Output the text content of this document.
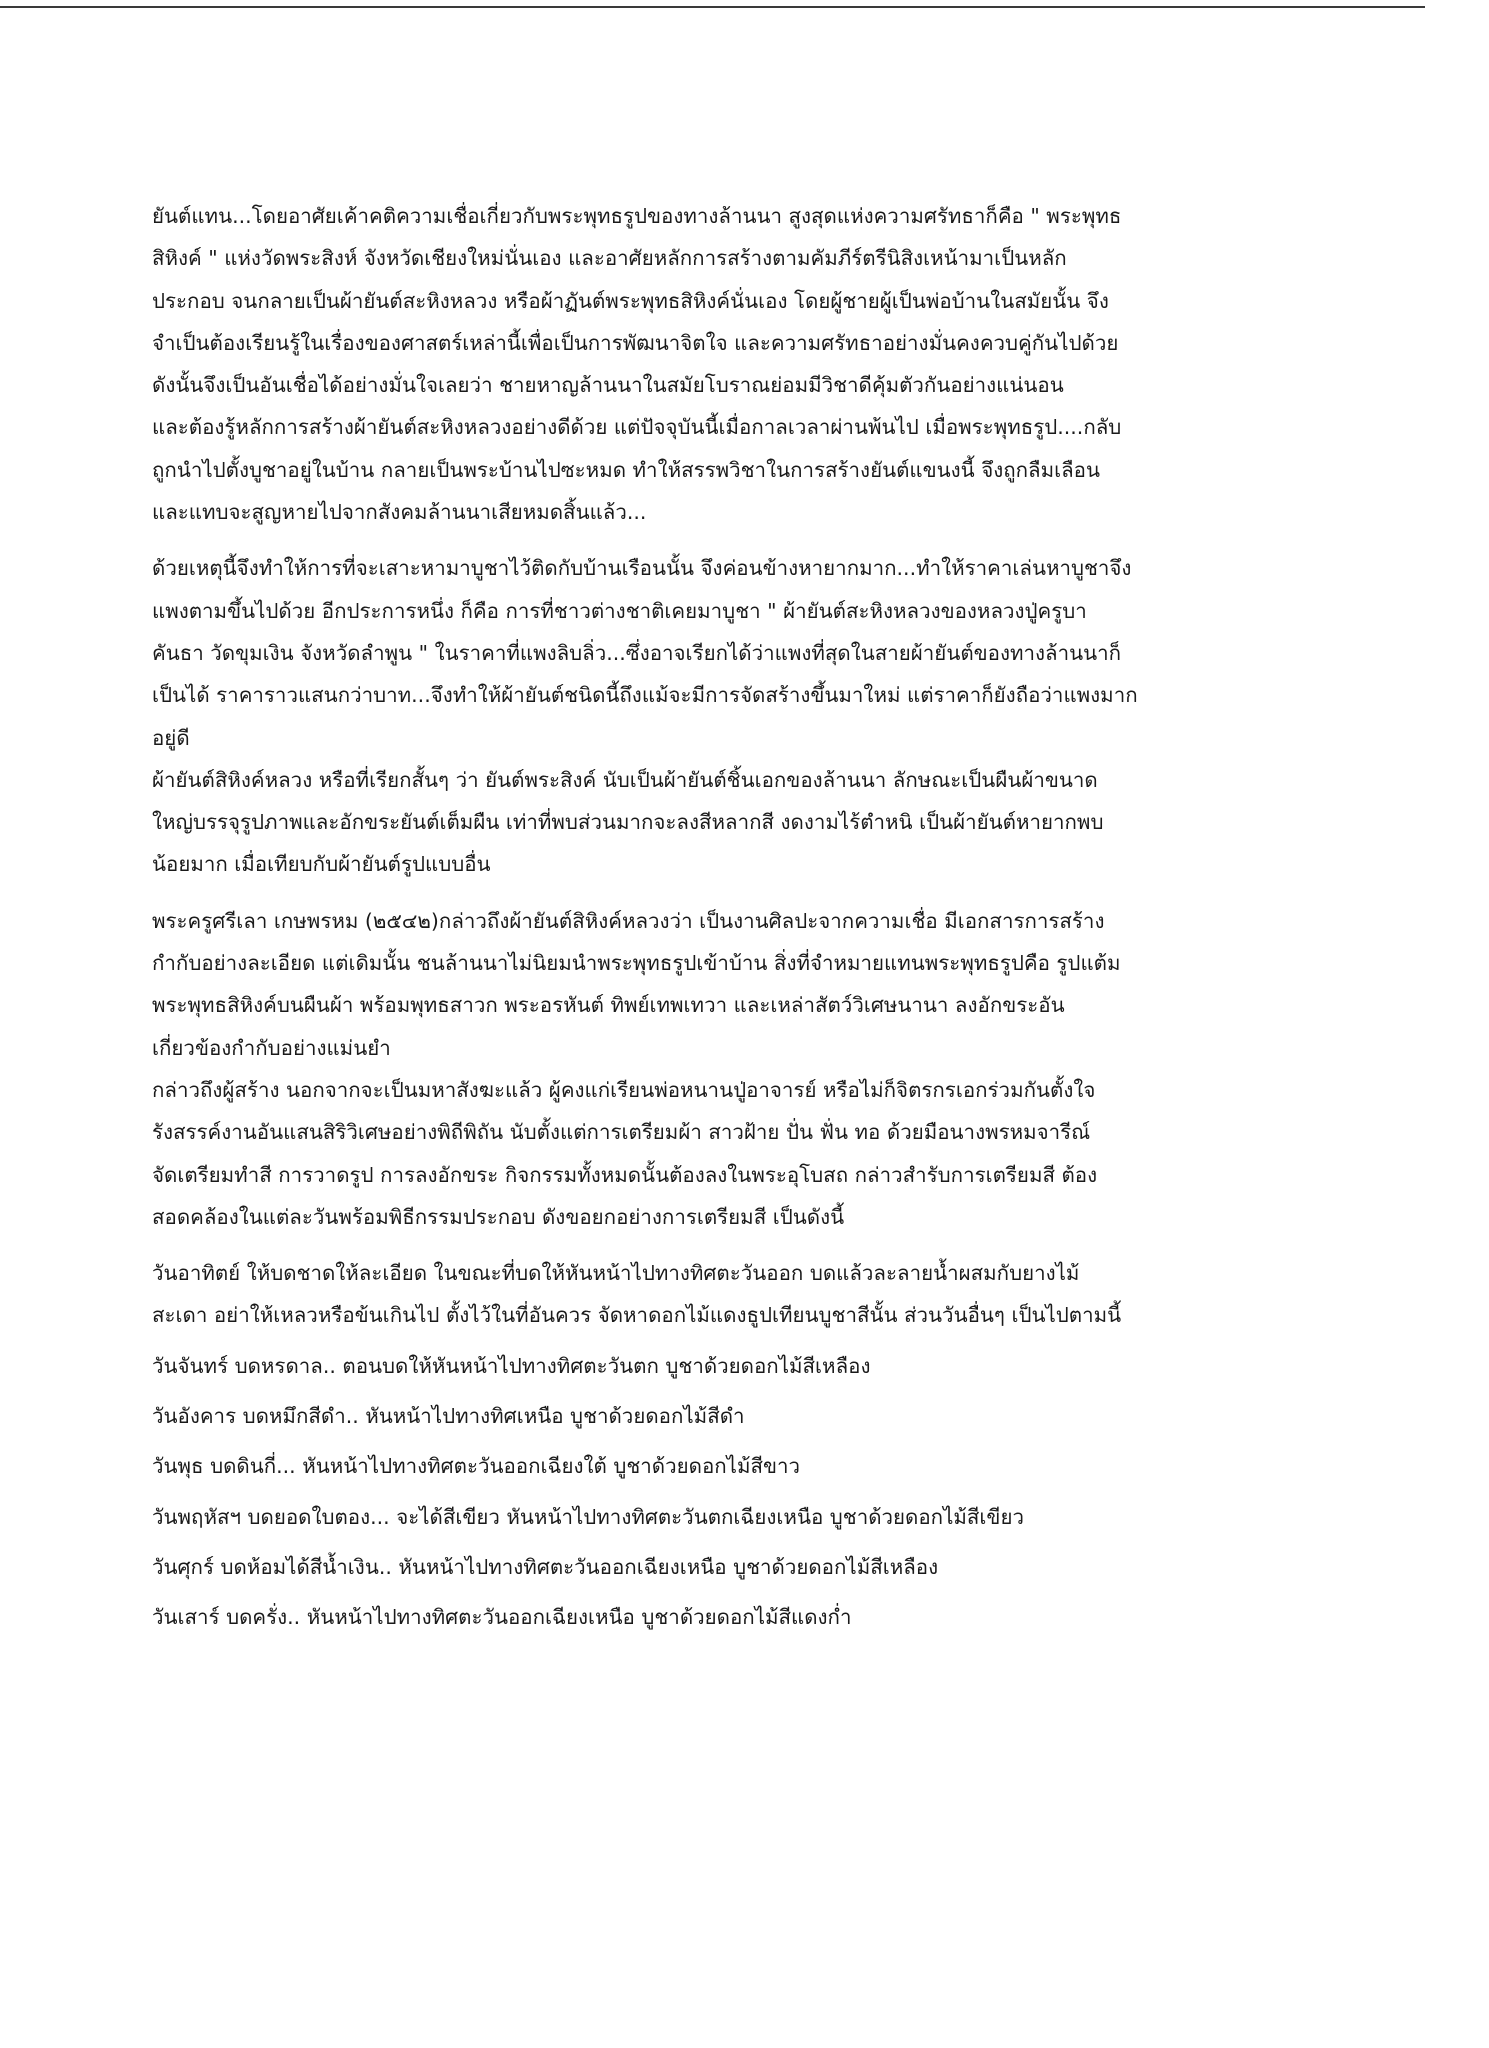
ยันต์แทน...โดยอาศัยเค้าคติความเชื่อเกี่ยวกับพระพุทธรูปของทางล้านนา สูงสุดแห่งความศรัทธาก็คือ " พระพุทธ
สิหิงค์ " แห่งวัดพระสิงห์ จังหวัดเชียงใหม่นั่นเอง และอาศัยหลักการสร้างตามคัมภีร์ตรีนิสิงเหน้ามาเป็นหลัก
ประกอบ จนกลายเป็นผ้ายันต์สะหิงหลวง หรือผ้าฏันต์พระพุทธสิหิงค์นั่นเอง โดยผู้ชายผู้เป็นพ่อบ้านในสมัยนั้น จึง
จำเป็นต้องเรียนรู้ในเรื่องของศาสตร์เหล่านี้เพื่อเป็นการพัฒนาจิตใจ และความศรัทธาอย่างมั่นคงควบคู่กันไปด้วย
ดังนั้นจึงเป็นอันเชื่อได้อย่างมั่นใจเลยว่า ชายหาญล้านนาในสมัยโบราณย่อมมีวิชาดีคุ้มตัวกันอย่างแน่นอน
และต้องรู้หลักการสร้างผ้ายันต์สะหิงหลวงอย่างดีด้วย แต่ปัจจุบันนี้เมื่อกาลเวลาผ่านพ้นไป เมื่อพระพุทธรูป....กลับ
ถูกนำไปตั้งบูชาอยู่ในบ้าน กลายเป็นพระบ้านไปซะหมด ทำให้สรรพวิชาในการสร้างยันต์แขนงนี้ จึงถูกลืมเลือน
และแทบจะสูญหายไปจากสังคมล้านนาเสียหมดสิ้นแล้ว...
ด้วยเหตุนี้จึงทำให้การที่จะเสาะหามาบูชาไว้ติดกับบ้านเรือนนั้น จึงค่อนข้างหายากมาก...ทำให้ราคาเล่นหาบูชาจึง
แพงตามขึ้นไปด้วย อีกประการหนึ่ง ก็คือ การที่ชาวต่างชาติเคยมาบูชา " ผ้ายันต์สะหิงหลวงของหลวงปู่ครูบา
คันธา วัดขุมเงิน จังหวัดลำพูน " ในราคาที่แพงลิบลิ่ว...ซึ่งอาจเรียกได้ว่าแพงที่สุดในสายผ้ายันต์ของทางล้านนาก็
เป็นได้ ราคาราวแสนกว่าบาท...จึงทำให้ผ้ายันต์ชนิดนี้ถึงแม้จะมีการจัดสร้างขึ้นมาใหม่ แต่ราคาก็ยังถือว่าแพงมาก
อยู่ดี
ผ้ายันต์สิหิงค์หลวง หรือที่เรียกสั้นๆ ว่า ยันต์พระสิงค์ นับเป็นผ้ายันต์ชิ้นเอกของล้านนา ลักษณะเป็นผืนผ้าขนาด
ใหญ่บรรจุรูปภาพและอักขระยันต์เต็มผืน เท่าที่พบส่วนมากจะลงสีหลากสี งดงามไร้ตำหนิ เป็นผ้ายันต์หายากพบ
น้อยมาก เมื่อเทียบกับผ้ายันต์รูปแบบอื่น
พระครูศรีเลา เกษพรหม (๒๕๔๒)กล่าวถึงผ้ายันต์สิหิงค์หลวงว่า เป็นงานศิลปะจากความเชื่อ มีเอกสารการสร้าง
กำกับอย่างละเอียด แต่เดิมนั้น ชนล้านนาไม่นิยมนำพระพุทธรูปเข้าบ้าน สิ่งที่จำหมายแทนพระพุทธรูปคือ รูปแต้ม
พระพุทธสิหิงค์บนผืนผ้า พร้อมพุทธสาวก พระอรหันต์ ทิพย์เทพเทวา และเหล่าสัตว์วิเศษนานา ลงอักขระอัน
เกี่ยวข้องกำกับอย่างแม่นยำ
กล่าวถึงผู้สร้าง นอกจากจะเป็นมหาสังฆะแล้ว ผู้คงแก่เรียนพ่อหนานปู่อาจารย์ หรือไม่ก็จิตรกรเอกร่วมกันตั้งใจ
รังสรรค์งานอันแสนสิริวิเศษอย่างพิถีพิถัน นับตั้งแต่การเตรียมผ้า สาวฝ้าย ปั่น ฟั่น ทอ ด้วยมือนางพรหมจารีณ์
จัดเตรียมทำสี การวาดรูป การลงอักขระ กิจกรรมทั้งหมดนั้นต้องลงในพระอุโบสถ กล่าวสำรับการเตรียมสี ต้อง
สอดคล้องในแต่ละวันพร้อมพิธีกรรมประกอบ ดังขอยกอย่างการเตรียมสี เป็นดังนี้
วันอาทิตย์ ให้บดชาดให้ละเอียด ในขณะที่บดให้หันหน้าไปทางทิศตะวันออก บดแล้วละลายน้ำผสมกับยางไม้
สะเดา อย่าให้เหลวหรือข้นเกินไป ตั้งไว้ในที่อันควร จัดหาดอกไม้แดงธูปเทียนบูชาสีนั้น ส่วนวันอื่นๆ เป็นไปตามนี้
วันจันทร์ บดหรดาล.. ตอนบดให้หันหน้าไปทางทิศตะวันตก บูชาด้วยดอกไม้สีเหลือง
วันอังคาร บดหมึกสีดำ.. หันหน้าไปทางทิศเหนือ บูชาด้วยดอกไม้สีดำ
วันพุธ บดดินกี่... หันหน้าไปทางทิศตะวันออกเฉียงใต้ บูชาด้วยดอกไม้สีขาว
วันพฤหัสฯ บดยอดใบตอง... จะได้สีเขียว หันหน้าไปทางทิศตะวันตกเฉียงเหนือ บูชาด้วยดอกไม้สีเขียว
วันศุกร์ บดห้อมได้สีน้ำเงิน.. หันหน้าไปทางทิศตะวันออกเฉียงเหนือ บูชาด้วยดอกไม้สีเหลือง
วันเสาร์ บดครั่ง.. หันหน้าไปทางทิศตะวันออกเฉียงเหนือ บูชาด้วยดอกไม้สีแดงก่ำ
